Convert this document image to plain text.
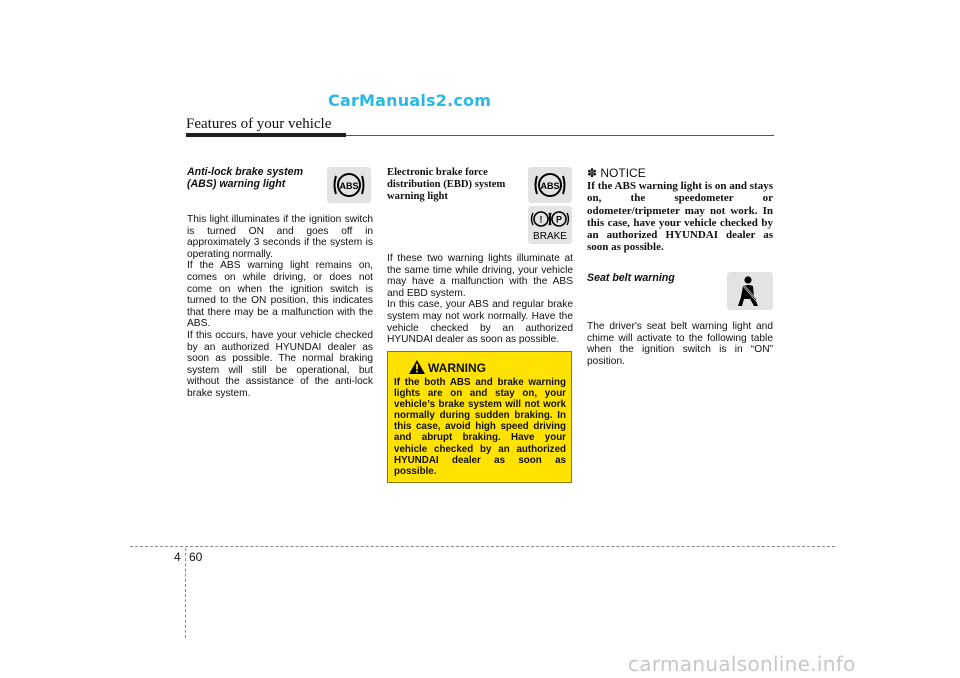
CarManuals2.com
carmanualsonline.info
Features of your vehicle
Anti-lock brake system
(ABS) warning light	ABS

This light illuminates if the ignition switch is turned ON and goes off in approximately 3 seconds if the system is operating normally.

If the ABS warning light remains on, comes on while driving, or does not come on when the ignition switch is turned to the ON position, this indicates that there may be a malfunction with the ABS.

If this occurs, have your vehicle checked by an authorized HYUNDAI dealer as soon as possible. The normal braking system will still be operational, but without the assistance of the anti-lock brake system.

Electronic brake force distribution (EBD) system warning light
ABS
! P
BRAKE

If these two warning lights illuminate at the same time while driving, your vehicle may have a malfunction with the ABS and EBD system.

In this case, your ABS and regular brake system may not work normally. Have the vehicle checked by an authorized HYUNDAI dealer as soon as possible.

WARNING
If the both ABS and brake warning lights are on and stay on, your vehicle’s brake system will not work normally during sudden braking. In this case, avoid high speed driving and abrupt braking. Have your vehicle checked by an authorized HYUNDAI dealer as soon as possible.
✽ NOTICE
If the ABS warning light is on and stays on, the speedometer or odometer/tripmeter may not work. In this case, have your vehicle checked by an authorized HYUNDAI dealer as soon as possible.
Seat belt warning
The driver's seat belt warning light and chime will activate to the following table when the ignition switch is in “ON” position.
4 60
